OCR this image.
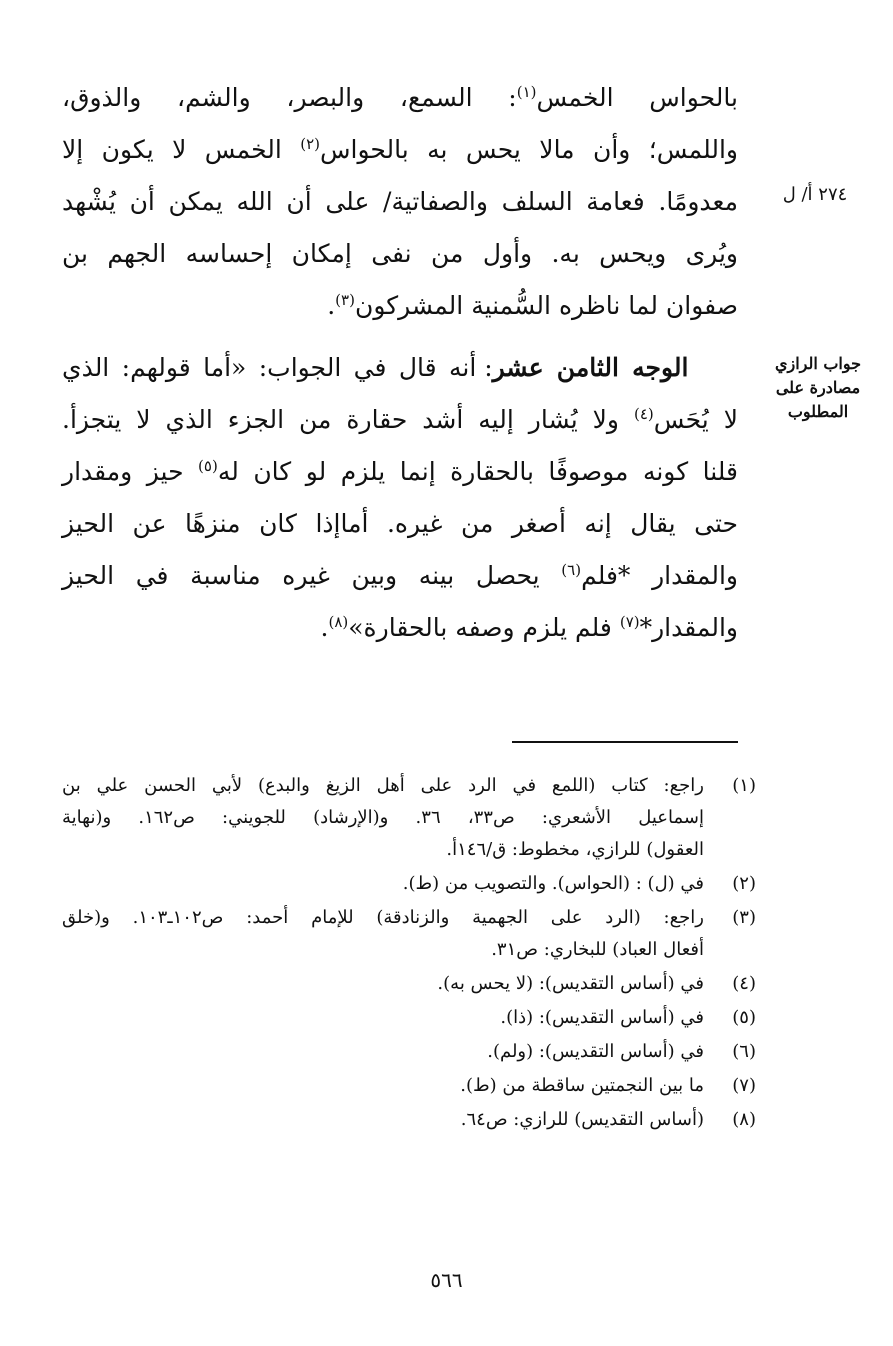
٢٧٤ أ/ ل
جواب الرازي
مصادرة على
المطلوب
بالحواس الخمس$^{(١)}$: السمع، والبصر، والشم، والذوق،
واللمس؛ وأن مالا يحس به بالحواس$^{(٢)}$ الخمس لا يكون إلا
معدومًا. فعامة السلف والصفاتية/ على أن الله يمكن أن يُشْهد
ويُرى ويحس به. وأول من نفى إمكان إحساسه الجهم بن
صفوان لما ناظره السُّمنية المشركون$^{(٣)}$.
الوجه الثامن عشر: أنه قال في الجواب: «أما قولهم: الذي
لا يُحَس$^{(٤)}$ ولا يُشار إليه أشد حقارة من الجزء الذي لا يتجزأ.
قلنا كونه موصوفًا بالحقارة إنما يلزم لو كان له$^{(٥)}$ حيز ومقدار
حتى يقال إنه أصغر من غيره. أماإذا كان منزهًا عن الحيز
والمقدار *فلم$^{(٦)}$ يحصل بينه وبين غيره مناسبة في الحيز
والمقدار*$^{(٧)}$ فلم يلزم وصفه بالحقارة»$^{(٨)}$.
(١)
راجع: كتاب (اللمع في الرد على أهل الزيغ والبدع) لأبي الحسن علي بن
إسماعيل الأشعري: ص٣٣، ٣٦. و(الإرشاد) للجويني: ص١٦٢. و(نهاية
العقول) للرازي، مخطوط: ق/١٤٦أ.
(٢)
في (ل) : (الحواس). والتصويب من (ط).
(٣)
راجع: (الرد على الجهمية والزنادقة) للإمام أحمد: ص١٠٢ـ١٠٣. و(خلق
أفعال العباد) للبخاري: ص٣١.
(٤)
في (أساس التقديس): (لا يحس به).
(٥)
في (أساس التقديس): (ذا).
(٦)
في (أساس التقديس): (ولم).
(٧)
ما بين النجمتين ساقطة من (ط).
(٨)
(أساس التقديس) للرازي: ص٦٤.
٥٦٦
